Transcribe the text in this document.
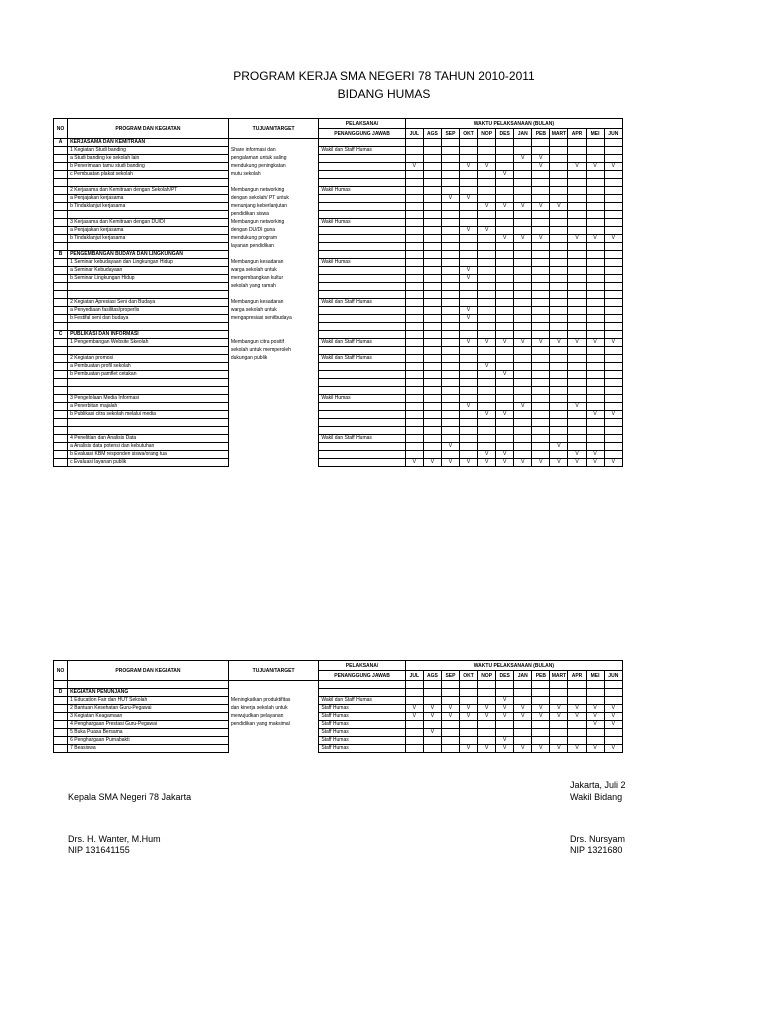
PROGRAM KERJA SMA NEGERI 78 TAHUN 2010-2011
BIDANG HUMAS
NO	PROGRAM DAN KEGIATAN	TUJUAN/TARGET	PELAKSANA/	WAKTU PELAKSANAAN (BULAN)											
			PENANGGUNG JAWAB	JUL	AGS	SEP	OKT	NOP	DES	JAN	PEB	MART	APR	MEI	JUN
A	KERJASAMA DAN KEMITRAAN														
	1 Kegiatan Studi banding	Share informasi dan	Wakil dan Staff Humas												
	a Studi banding ke sekolah lain	pengalaman untuk saling								V	V				
	b Penerimaan tamu studi banding	mendukung peningkatan		V			V	V			V		V	V	V
	c Pembuatan plakat sekolah	mutu sekolah							V						

	2 Kerjasama dan Kemitraan dengan Sekolah/PT	Membangun networking	Wakil Humas												
	a Penjajakan kerjasama	dengan sekolah/ PT untuk				V	V								
	b Tindaklanjut kerjasama	menunjang keberlanjutan						V	V	V	V	V			
		pendidikan siswa													
	3 Kerjasama dan Kemitraan dengan DU/DI	Membangun networking	Wakil Humas												
	a Penjajakan kerjasama	dengan DU/DI guna					V	V							
	b Tindaklanjut kerjasama	mendukung program							V	V	V		V	V	V
		layanan pendidikan													
B	PENGEMBANGAN BUDAYA DAN LINGKUNGAN														
	1 Seminar kebudayaan dan Lingkungan Hidup	Membangun kesadaran	Wakil Humas												
	a Seminar Kebudayaan	warga sekolah untuk					V								
	b Seminar Lingkungan Hidup	mengembangkan kultur					V								
		sekolah yang ramah													

	2 Kegiatan Apresiasi Seni dan Budaya	Membangun kesadaran	Wakil dan Staff Humas												
	a Penyediaan fasilitas/properlis	warga sekolah untuk					V								
	b Festifal seni dan budaya	mengapresiasi senitbudaya					V								

C	PUBLIKASI DAN INFORMASI														
	1 Pengembangan Website Skeolah	Membangun citra positif	Wakil dan Staff Humas				V	V	V	V	V	V	V	V	V
		sekolah untuk memperoleh													
	2 Kegiatan promosi	dukungan publik	Wakil dan Staff Humas												
	a Pembuatan profil sekolah							V							
	b Pembuatan pamflet cetakan								V						

	3 Pengelolaan Media Informasi		Wakil Humas												
	a Penerbitan majalah						V			V			V		
	b Publikasi citra sekolah melalui media							V	V					V	V

	4 Penelitian dan Analisis Data		Wakil dan Staff Humas												
	a Analisis data potensi dan kebutuhan					V						V			
	b Evaluasi KBM responden siswa/orang tua							V	V				V	V	
	c Evaluasi layanan publik			V	V	V	V	V	V	V	V	V	V	V	V
NO	PROGRAM DAN KEGIATAN	TUJUAN/TARGET	PELAKSANA/	WAKTU PELAKSANAAN (BULAN)											
			PENANGGUNG JAWAB	JUL	AGS	SEP	OKT	NOP	DES	JAN	PEB	MART	APR	MEI	JUN

D	KEGIATAN PENUNJANG														
	1 Education Fair dan HUT Sekolah	Meningkatkan produktifitas	Wakil dan Staff Humas						V						
	2 Bantuan Kesehatan Guru-Pegawai	dan kinerja sekolah untuk	Staff Humas	V	V	V	V	V	V	V	V	V	V	V	V
	3 Kegiatan Keagamaan	mewujudkan pelayanan	Staff Humas	V	V	V	V	V	V	V	V	V	V	V	V
	4 Penghargaan Prestasi Guru-Pegawai	pendidikan yang maksimal	Staff Humas											V	V
	5 Buka Puasa Bersama		Staff Humas		V										
	6 Penghargaan Purnabakti		Staff Humas						V						
	7 Beasiswa		Staff Humas				V	V	V	V	V	V	V	V	V
Jakarta, Juli 2
Kepala SMA Negeri 78 Jakarta	Wakil Bidang
Drs. H. Wanter, M.Hum
NIP 131641155
Drs. Nursyam
NIP 1321680
